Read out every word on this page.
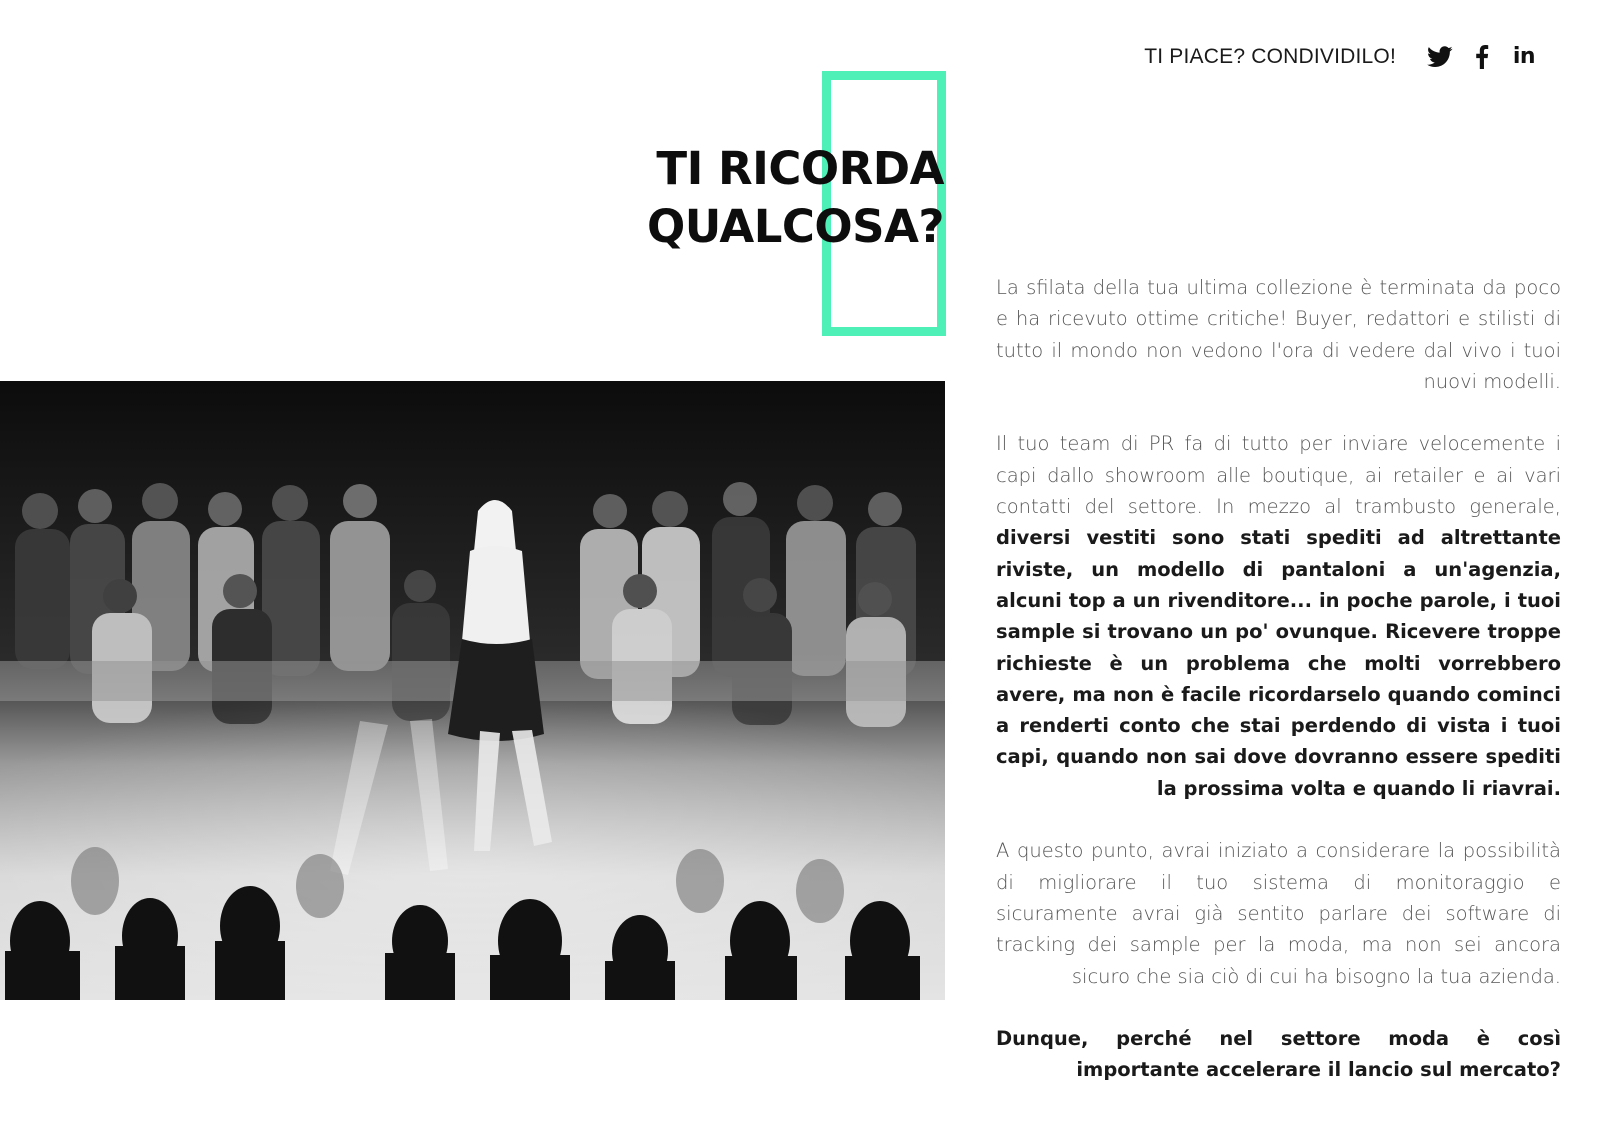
TI PIACE? CONDIVIDILO!	in
TI RICORDA
QUALCOSA?

La sfilata della tua ultima collezione è terminata da poco e ha ricevuto ottime critiche! Buyer, redattori e stilisti di tutto il mondo non vedono l'ora di vedere dal vivo i tuoi nuovi modelli.

Il tuo team di PR fa di tutto per inviare velocemente i capi dallo showroom alle boutique, ai retailer e ai vari contatti del settore. In mezzo al trambusto generale, diversi vestiti sono stati spediti ad altrettante riviste, un modello di pantaloni a un'agenzia, alcuni top a un rivenditore... in poche parole, i tuoi sample si trovano un po' ovunque. Ricevere troppe richieste è un problema che molti vorrebbero avere, ma non è facile ricordarselo quando cominci a renderti conto che stai perdendo di vista i tuoi capi, quando non sai dove dovranno essere spediti la prossima volta e quando li riavrai.

A questo punto, avrai iniziato a considerare la possibilità di migliorare il tuo sistema di monitoraggio e sicuramente avrai già sentito parlare dei software di tracking dei sample per la moda, ma non sei ancora sicuro che sia ciò di cui ha bisogno la tua azienda.

Dunque, perché nel settore moda è così importante accelerare il lancio sul mercato?
